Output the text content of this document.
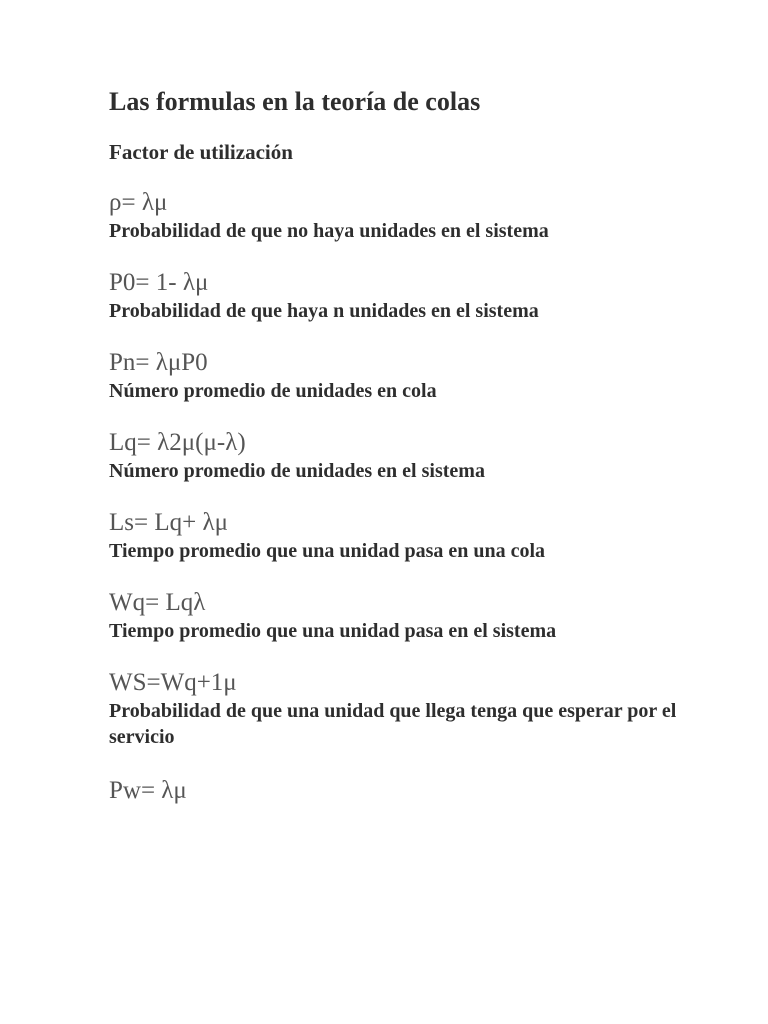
Las formulas en la teoría de colas
Factor de utilización
ρ= λμ
Probabilidad de que no haya unidades en el sistema
P0= 1- λμ
Probabilidad de que haya n unidades en el sistema
Pn= λμP0
Número promedio de unidades en cola
Lq= λ2μ(μ-λ)
Número promedio de unidades en el sistema
Ls= Lq+ λμ
Tiempo promedio que una unidad pasa en una cola
Wq= Lqλ
Tiempo promedio que una unidad pasa en el sistema
WS=Wq+1μ
Probabilidad de que una unidad que llega tenga que esperar por el servicio
Pw= λμ
